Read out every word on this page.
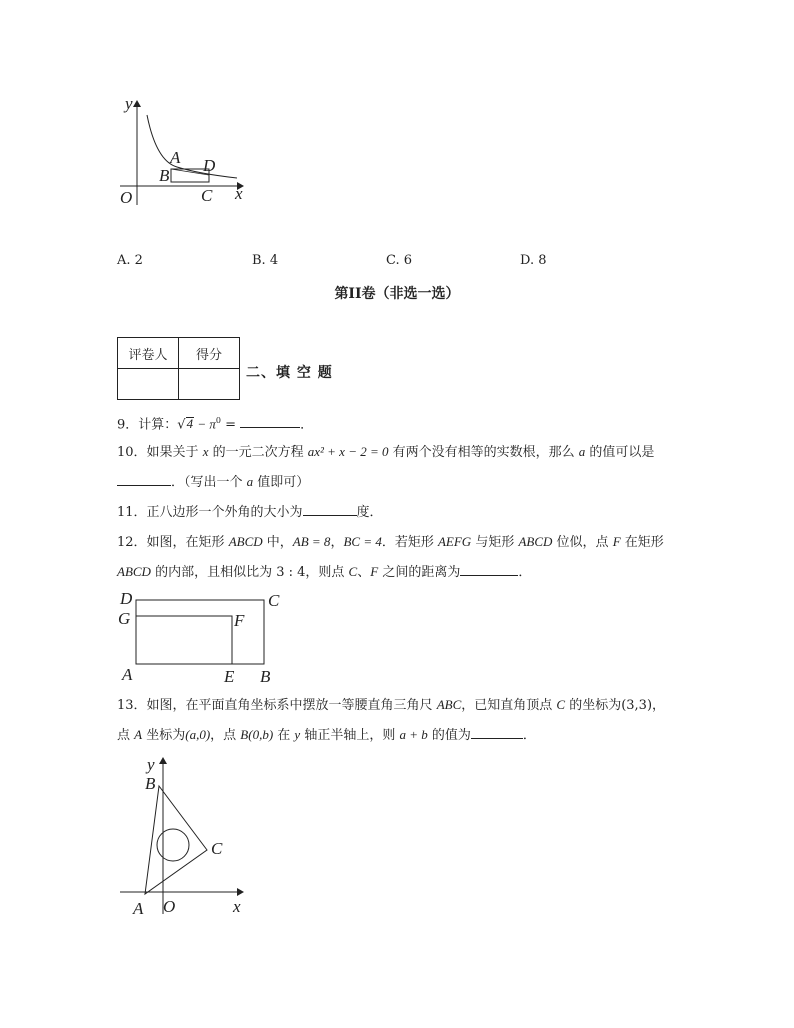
y
x
O
A
B
C
D
A. 2	B. 4	C. 6	D. 8
第II卷（非选一选）
评卷人	得分

二、填 空 题
9．计算：$√4 - \pi^0$ =	．
10．如果关于 x 的一元二次方程 ax² + x − 2 = 0 有两个没有相等的实数根，那么 a 的值可以是
．（写出一个 a 值即可）
11．正八边形一个外角的大小为	度．
12．如图，在矩形 ABCD 中，AB = 8，BC = 4．若矩形 AEFG 与矩形 ABCD 位似，点 F 在矩形
ABCD 的内部，且相似比为 3 : 4，则点 C、F 之间的距离为	．
D	C
G	F
A	E B
13．如图，在平面直角坐标系中摆放一等腰直角三角尺 ABC，已知直角顶点 C 的坐标为(3,3)，
点 A 坐标为(a,0)，点 B(0,b) 在 y 轴正半轴上，则 a + b 的值为	．
y
B
C
A O	x
